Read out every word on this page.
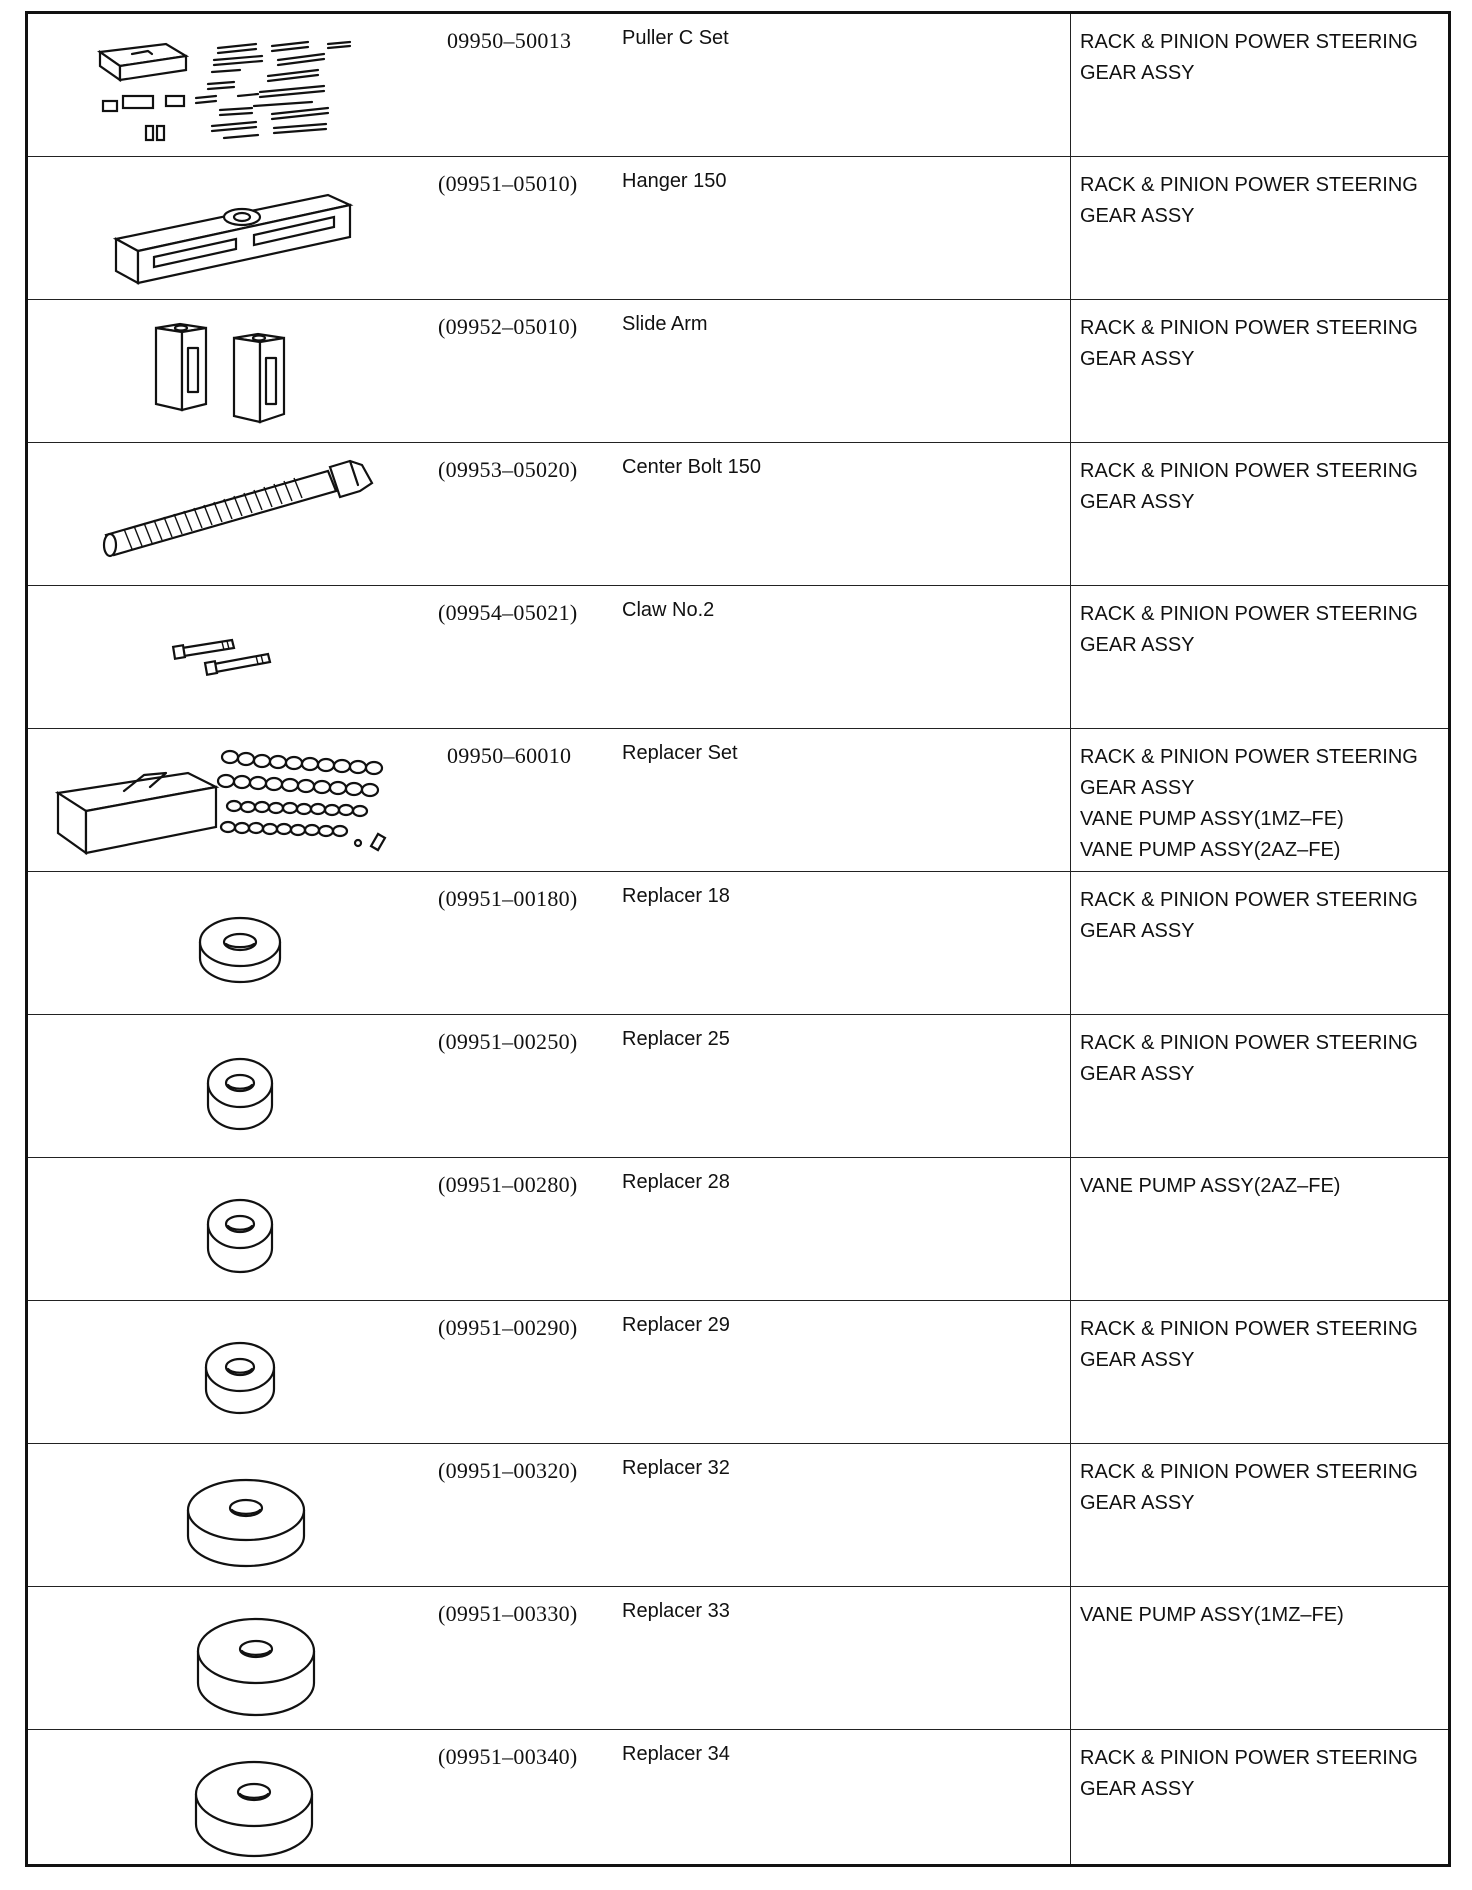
09950–50013	Puller C Set	RACK & PINION POWER STEERING
GEAR ASSY
(09951–05010)	Hanger 150	RACK & PINION POWER STEERING
GEAR ASSY
(09952–05010)	Slide Arm	RACK & PINION POWER STEERING
GEAR ASSY
(09953–05020)	Center Bolt 150	RACK & PINION POWER STEERING
GEAR ASSY
(09954–05021)	Claw No.2	RACK & PINION POWER STEERING
GEAR ASSY
09950–60010	Replacer Set	RACK & PINION POWER STEERING
GEAR ASSY
VANE PUMP ASSY(1MZ–FE)
VANE PUMP ASSY(2AZ–FE)
(09951–00180)	Replacer 18	RACK & PINION POWER STEERING
GEAR ASSY
(09951–00250)	Replacer 25	RACK & PINION POWER STEERING
GEAR ASSY
(09951–00280)	Replacer 28	VANE PUMP ASSY(2AZ–FE)
(09951–00290)	Replacer 29	RACK & PINION POWER STEERING
GEAR ASSY
(09951–00320)	Replacer 32	RACK & PINION POWER STEERING
GEAR ASSY
(09951–00330)	Replacer 33	VANE PUMP ASSY(1MZ–FE)
(09951–00340)	Replacer 34	RACK & PINION POWER STEERING
GEAR ASSY
